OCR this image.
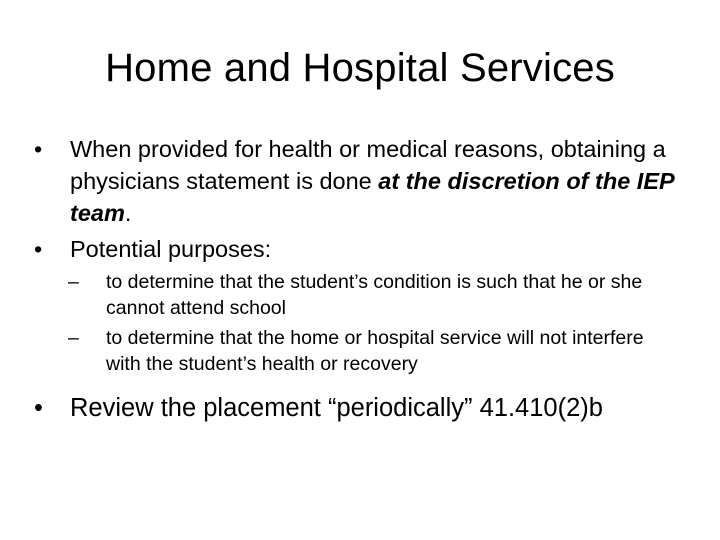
Home and Hospital Services
•	When provided for health or medical reasons, obtaining a physicians statement is done at the discretion of the IEP team.
•	Potential purposes:
–	to determine that the student’s condition is such that he or she cannot attend school
–	to determine that the home or hospital service will not interfere with the student’s health or recovery
•	Review the placement “periodically” 41.410(2)b
